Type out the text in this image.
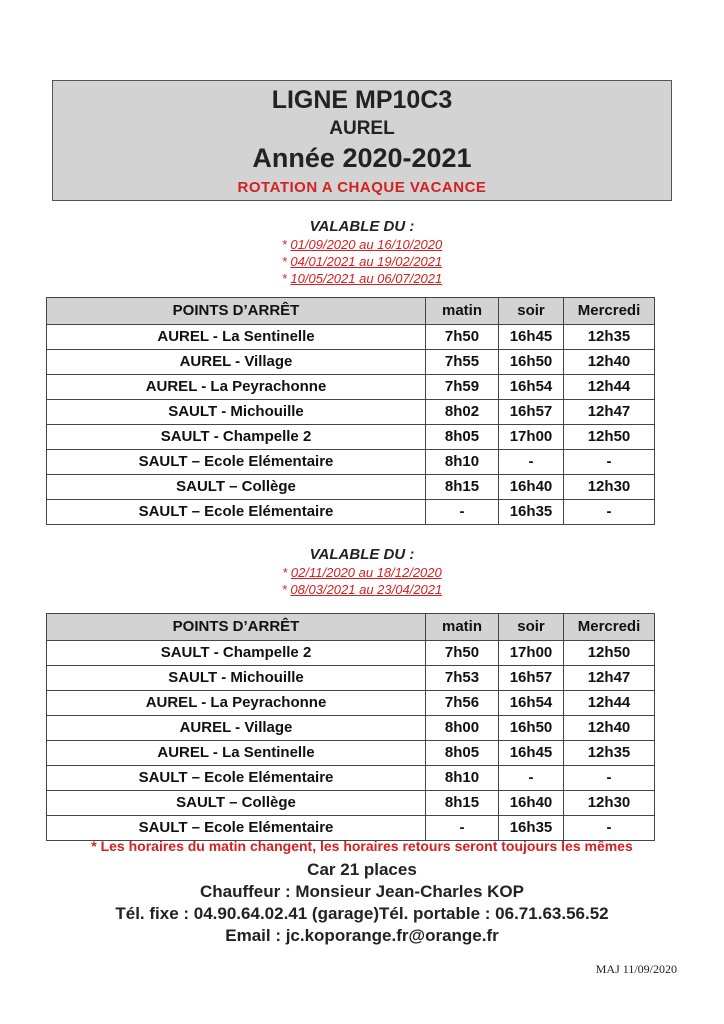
LIGNE MP10C3
AUREL
Année 2020-2021
ROTATION A CHAQUE VACANCE
VALABLE DU :
* 01/09/2020 au 16/10/2020
* 04/01/2021 au 19/02/2021
* 10/05/2021 au 06/07/2021
POINTS D’ARRÊT	matin	soir	Mercredi
AUREL - La Sentinelle	7h50	16h45	12h35
AUREL - Village	7h55	16h50	12h40
AUREL - La Peyrachonne	7h59	16h54	12h44
SAULT - Michouille	8h02	16h57	12h47
SAULT - Champelle 2	8h05	17h00	12h50
SAULT – Ecole Elémentaire	8h10	-	-
SAULT – Collège	8h15	16h40	12h30
SAULT – Ecole Elémentaire	-	16h35	-
VALABLE DU :
* 02/11/2020 au 18/12/2020
* 08/03/2021 au 23/04/2021
POINTS D’ARRÊT	matin	soir	Mercredi
SAULT - Champelle 2	7h50	17h00	12h50
SAULT - Michouille	7h53	16h57	12h47
AUREL - La Peyrachonne	7h56	16h54	12h44
AUREL - Village	8h00	16h50	12h40
AUREL - La Sentinelle	8h05	16h45	12h35
SAULT – Ecole Elémentaire	8h10	-	-
SAULT – Collège	8h15	16h40	12h30
SAULT – Ecole Elémentaire	-	16h35	-
* Les horaires du matin changent, les horaires retours seront toujours les mêmes
Car 21 places
Chauffeur : Monsieur Jean-Charles KOP
Tél. fixe : 04.90.64.02.41 (garage)Tél. portable : 06.71.63.56.52
Email : jc.koporange.fr@orange.fr
MAJ 11/09/2020
